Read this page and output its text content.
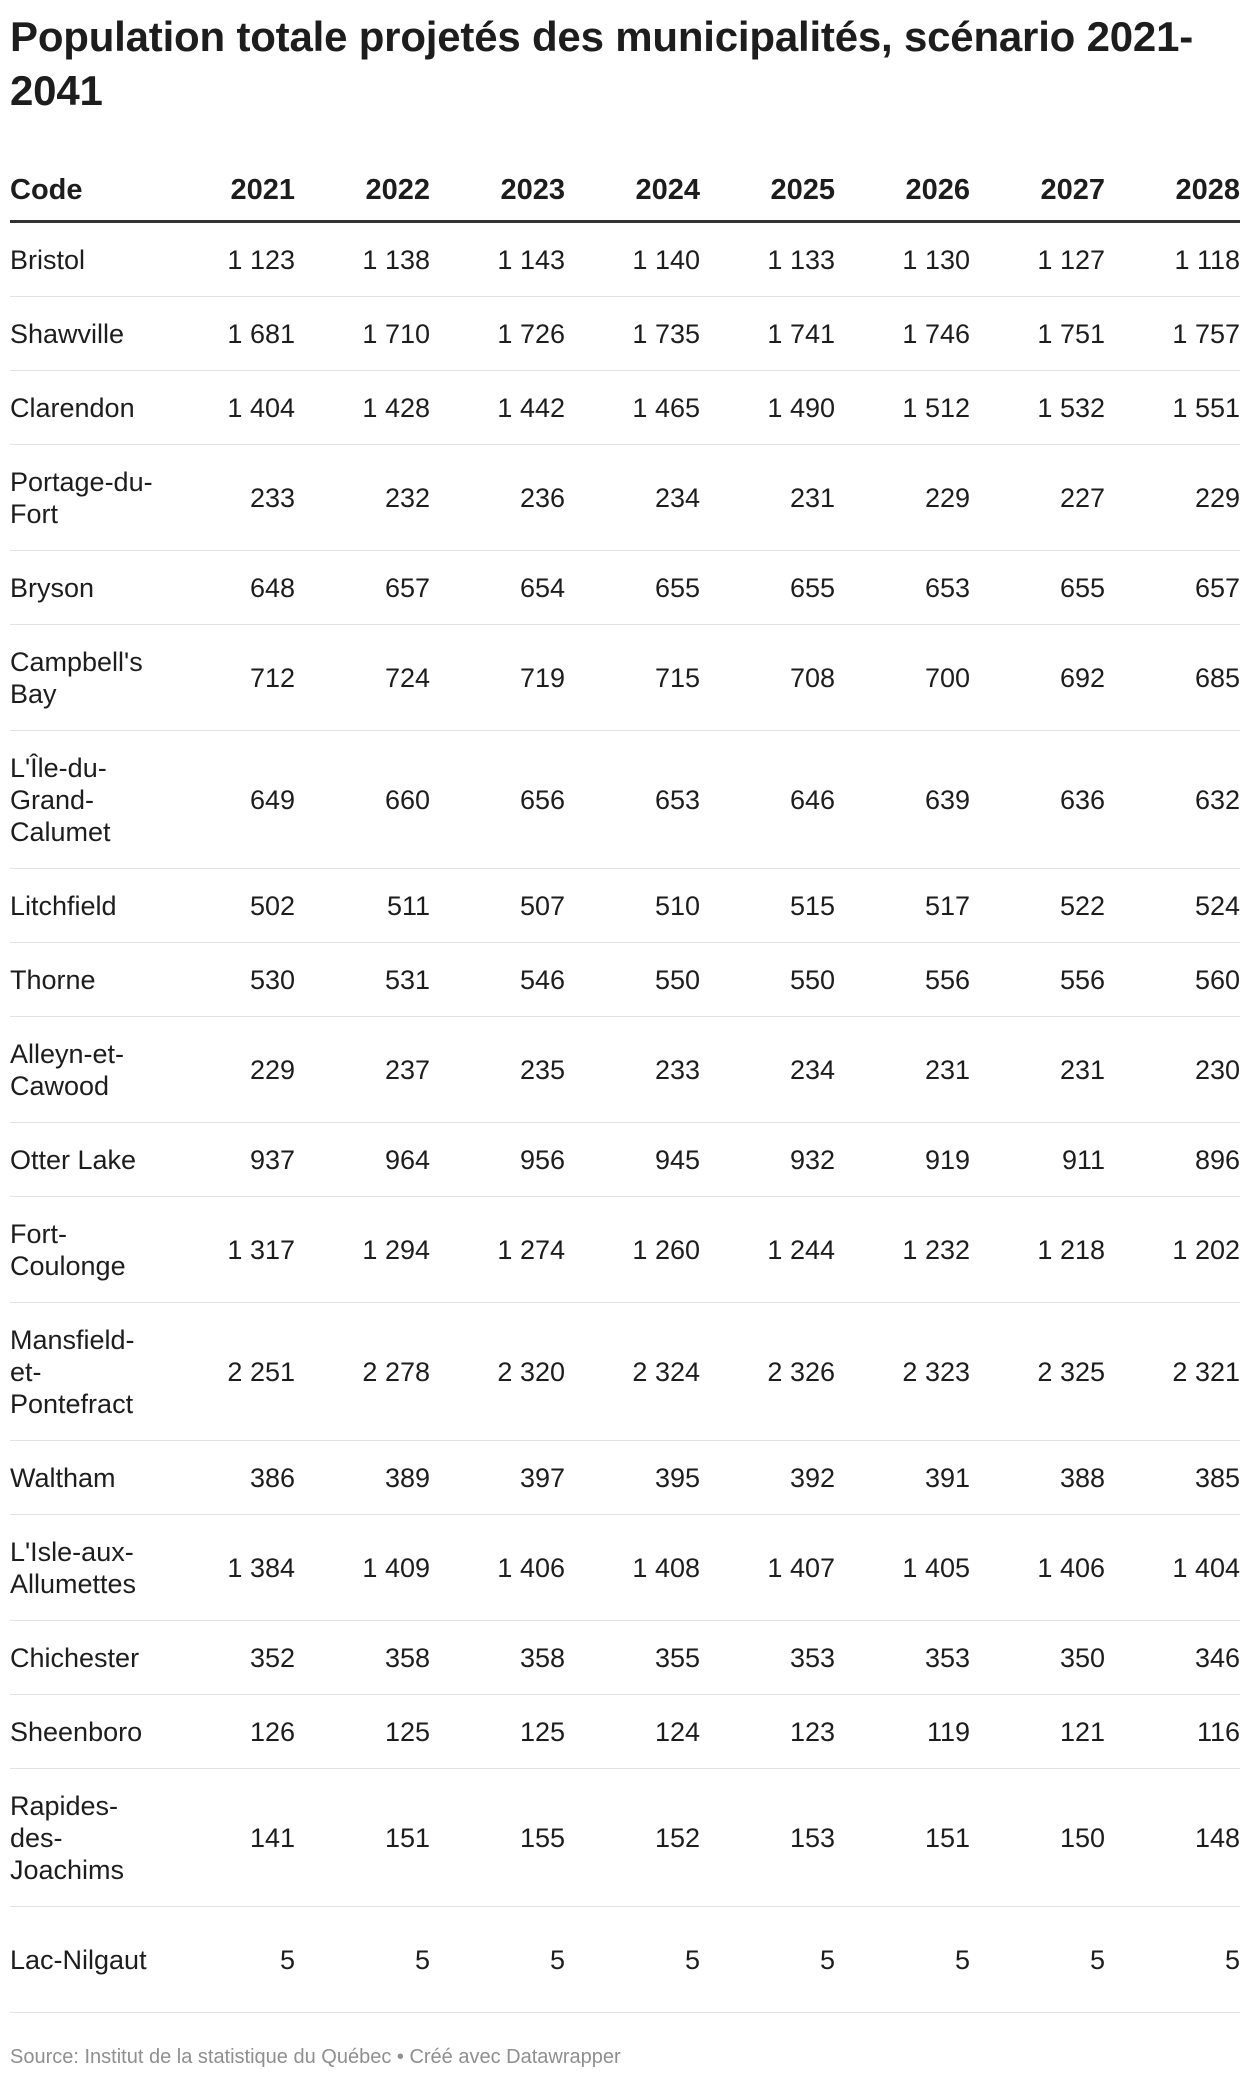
Population totale projetés des municipalités, scénario 2021-2041
Code	2021	2022	2023	2024	2025	2026	2027	2028
Bristol	1 123	1 138	1 143	1 140	1 133	1 130	1 127	1 118
Shawville	1 681	1 710	1 726	1 735	1 741	1 746	1 751	1 757
Clarendon	1 404	1 428	1 442	1 465	1 490	1 512	1 532	1 551
Portage-du-Fort	233	232	236	234	231	229	227	229
Bryson	648	657	654	655	655	653	655	657
Campbell's Bay	712	724	719	715	708	700	692	685
L'Île-du-Grand-Calumet	649	660	656	653	646	639	636	632
Litchfield	502	511	507	510	515	517	522	524
Thorne	530	531	546	550	550	556	556	560
Alleyn-et-Cawood	229	237	235	233	234	231	231	230
Otter Lake	937	964	956	945	932	919	911	896
Fort-Coulonge	1 317	1 294	1 274	1 260	1 244	1 232	1 218	1 202
Mansfield-et-Pontefract	2 251	2 278	2 320	2 324	2 326	2 323	2 325	2 321
Waltham	386	389	397	395	392	391	388	385
L'Isle-aux-Allumettes	1 384	1 409	1 406	1 408	1 407	1 405	1 406	1 404
Chichester	352	358	358	355	353	353	350	346
Sheenboro	126	125	125	124	123	119	121	116
Rapides-des-Joachims	141	151	155	152	153	151	150	148
Lac-Nilgaut	5	5	5	5	5	5	5	5
Source: Institut de la statistique du Québec • Créé avec Datawrapper
